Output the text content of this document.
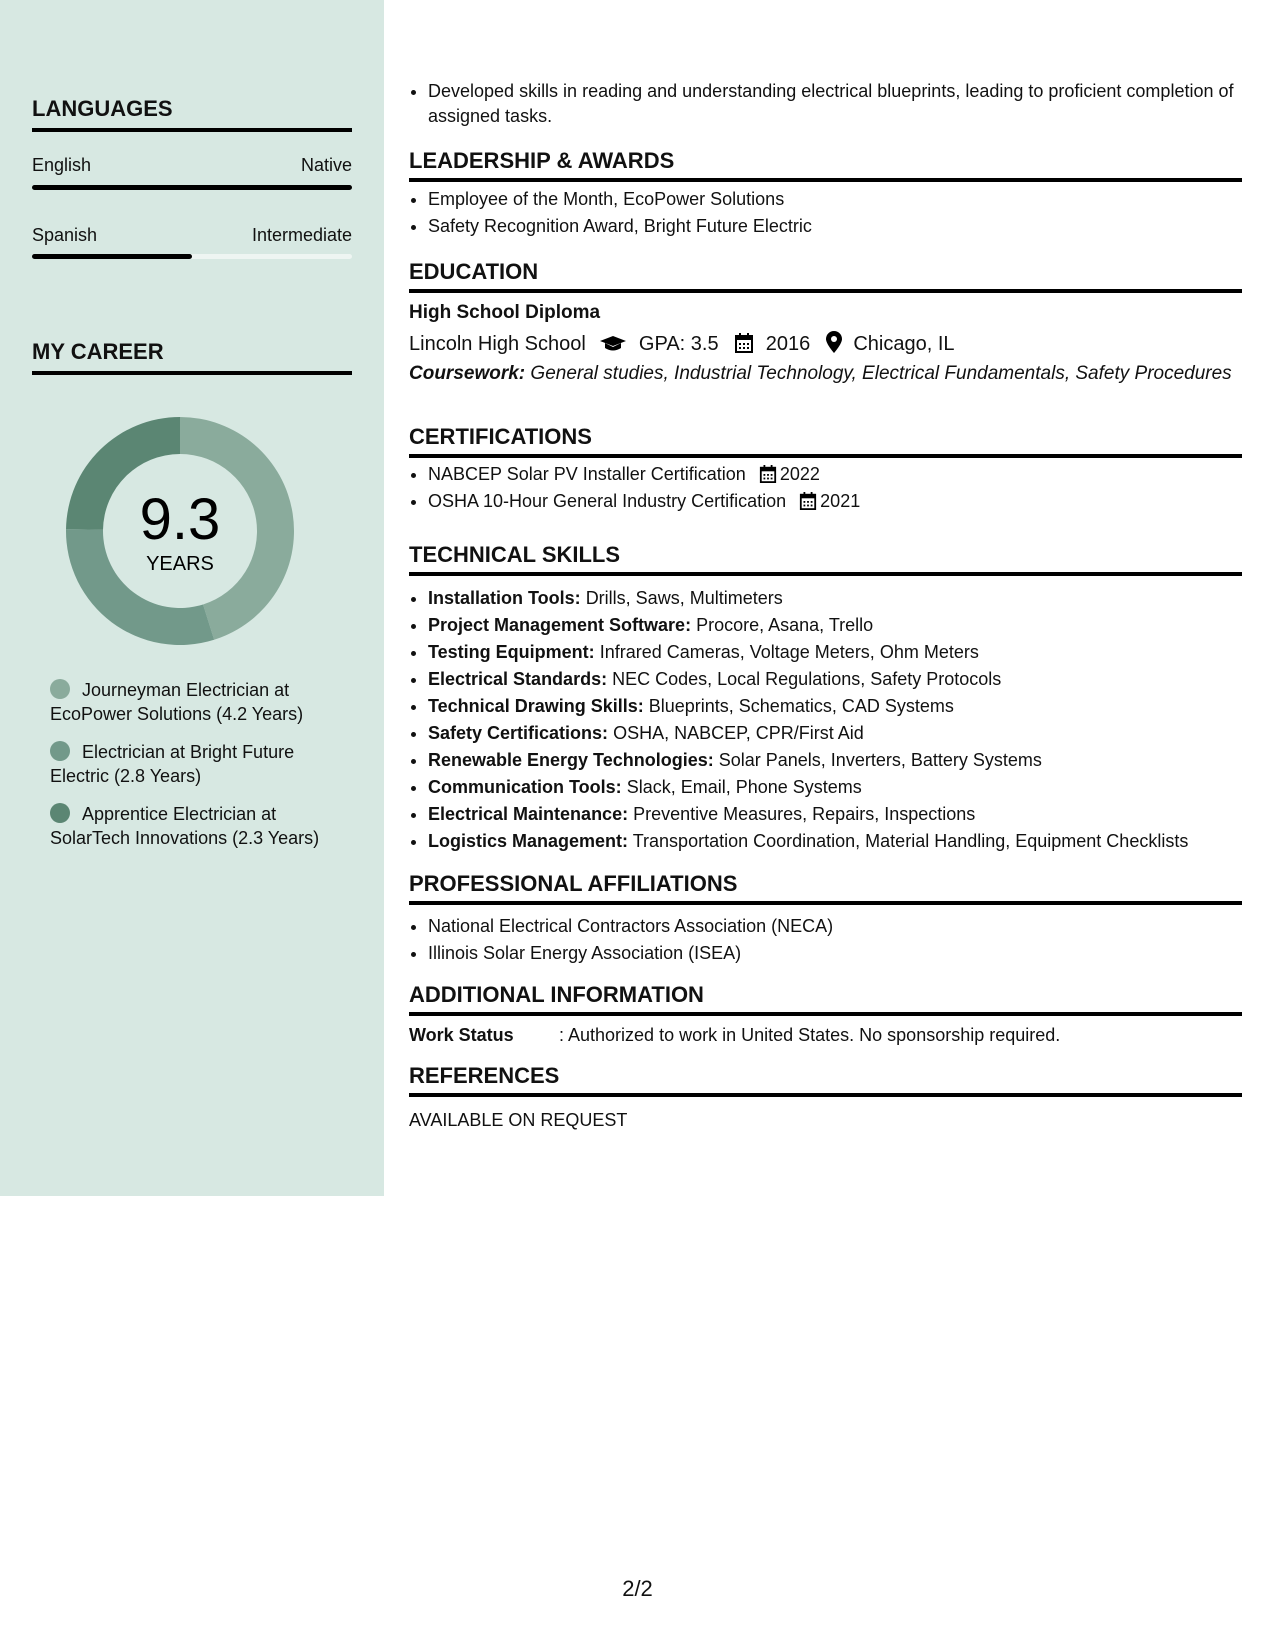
LANGUAGES
English	Native
Spanish	Intermediate
MY CAREER
9.3
YEARS
Journeyman Electrician at EcoPower Solutions (4.2 Years)
Electrician at Bright Future Electric (2.8 Years)
Apprentice Electrician at SolarTech Innovations (2.3 Years)
• Developed skills in reading and understanding electrical blueprints, leading to proficient completion of assigned tasks.
LEADERSHIP & AWARDS
• Employee of the Month, EcoPower Solutions
• Safety Recognition Award, Bright Future Electric
EDUCATION
High School Diploma
Lincoln High School	GPA: 3.5 2016 Chicago, IL
Coursework: General studies, Industrial Technology, Electrical Fundamentals, Safety Procedures
CERTIFICATIONS
• NABCEP Solar PV Installer Certification 2022
• OSHA 10-Hour General Industry Certification 2021
TECHNICAL SKILLS
• Installation Tools: Drills, Saws, Multimeters
• Project Management Software: Procore, Asana, Trello
• Testing Equipment: Infrared Cameras, Voltage Meters, Ohm Meters
• Electrical Standards: NEC Codes, Local Regulations, Safety Protocols
• Technical Drawing Skills: Blueprints, Schematics, CAD Systems
• Safety Certifications: OSHA, NABCEP, CPR/First Aid
• Renewable Energy Technologies: Solar Panels, Inverters, Battery Systems
• Communication Tools: Slack, Email, Phone Systems
• Electrical Maintenance: Preventive Measures, Repairs, Inspections
• Logistics Management: Transportation Coordination, Material Handling, Equipment Checklists
PROFESSIONAL AFFILIATIONS
• National Electrical Contractors Association (NECA)
• Illinois Solar Energy Association (ISEA)
ADDITIONAL INFORMATION
Work Status	: Authorized to work in United States. No sponsorship required.
REFERENCES
AVAILABLE ON REQUEST
2/2
